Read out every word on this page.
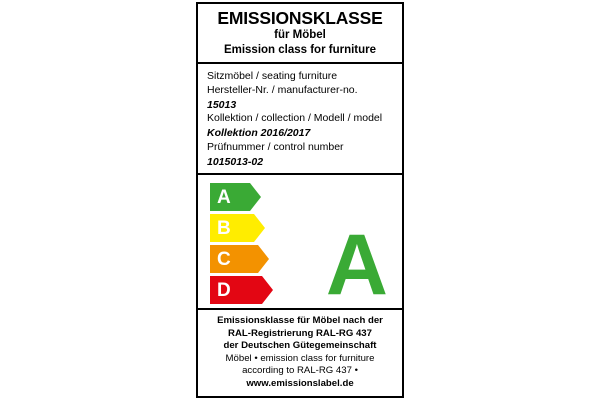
EMISSIONSKLASSE
für Möbel
Emission class for furniture
Sitzmöbel / seating furniture
Hersteller-Nr. / manufacturer-no.
15013
Kollektion / collection / Modell / model
Kollektion 2016/2017
Prüfnummer / control number
1015013-02
A
B
C
D A
Emissionsklasse für Möbel nach der
RAL-Registrierung RAL-RG 437
der Deutschen Gütegemeinschaft
Möbel • emission class for furniture
according to RAL-RG 437 •
www.emissionslabel.de
